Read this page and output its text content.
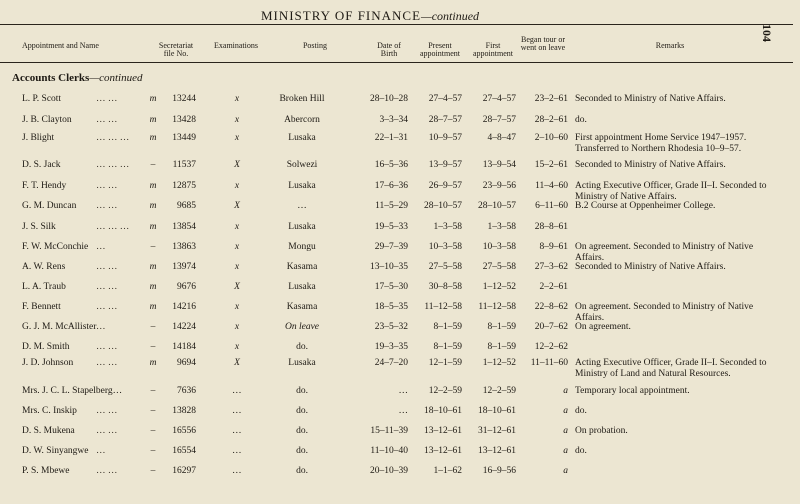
MINISTRY OF FINANCE—continued
104
Appointment and Name	Secretariat file No.
Examinations	Posting	Date of Birth
Present appointment
First appointment
Began tour or went on leave	Remarks
Accounts Clerks—continued
L. P. Scott	… …	m	13244	x	Broken Hill	28–10–28	27–4–57	27–4–57	23–2–61 Seconded to Ministry of Native Affairs.
J. B. Clayton	… …	m	13428	x	Abercorn	3–3–34	28–7–57	28–7–57	28–2–61 do.
J. Blight	… … … m	13449	x	Lusaka	22–1–31	10–9–57	4–8–47	2–10–60 First appointment Home Service 1947–1957. Transferred to Northern Rhodesia 10–9–57.
D. S. Jack	… … … –	11537	X	Solwezi	16–5–36	13–9–57	13–9–54	15–2–61 Seconded to Ministry of Native Affairs.
F. T. Hendy	… …	m	12875	x	Lusaka	17–6–36	26–9–57	23–9–56	11–4–60 Acting Executive Officer, Grade II–I. Seconded to Ministry of Native Affairs.
G. M. Duncan	… …	m	9685	X	…	11–5–29	28–10–57	28–10–57	6–11–60 B.2 Course at Oppenheimer College.
J. S. Silk	… … … m	13854	x	Lusaka	19–5–33	1–3–58	1–3–58	28–8–61
F. W. McConchie …	–	13863	x	Mongu	29–7–39	10–3–58	10–3–58	8–9–61 On agreement. Seconded to Ministry of Native Affairs.
A. W. Rens	… …	m	13974	x	Kasama	13–10–35	27–5–58	27–5–58	27–3–62 Seconded to Ministry of Native Affairs.
L. A. Traub	… …	m	9676	X	Lusaka	17–5–30	30–8–58	1–12–52	2–2–61
F. Bennett	… …	m	14216	x	Kasama	18–5–35	11–12–58	11–12–58	22–8–62 On agreement. Seconded to Ministry of Native Affairs.
G. J. M. McAllister …	–	14224	x	On leave	23–5–32	8–1–59	8–1–59	20–7–62 On agreement.
D. M. Smith	… …	–	14184	x	do.	19–3–35	8–1–59	8–1–59	12–2–62
J. D. Johnson	… …	m	9694	X	Lusaka	24–7–20	12–1–59	1–12–52	11–11–60 Acting Executive Officer, Grade II–I. Seconded to Ministry of Land and Natural Resources.
Mrs. J. C. L. Stapelberg…	–	7636	…	do.	…	12–2–59	12–2–59	a Temporary local appointment.
Mrs. C. Inskip	… …	–	13828	…	do.	…	18–10–61	18–10–61	a do.
D. S. Mukena	… …	–	16556	…	do.	15–11–39	13–12–61	31–12–61	a On probation.
D. W. Sinyangwe …	–	16554	…	do.	11–10–40	13–12–61	13–12–61	a do.
P. S. Mbewe	… …	–	16297	…	do.	20–10–39	1–1–62	16–9–56	a
